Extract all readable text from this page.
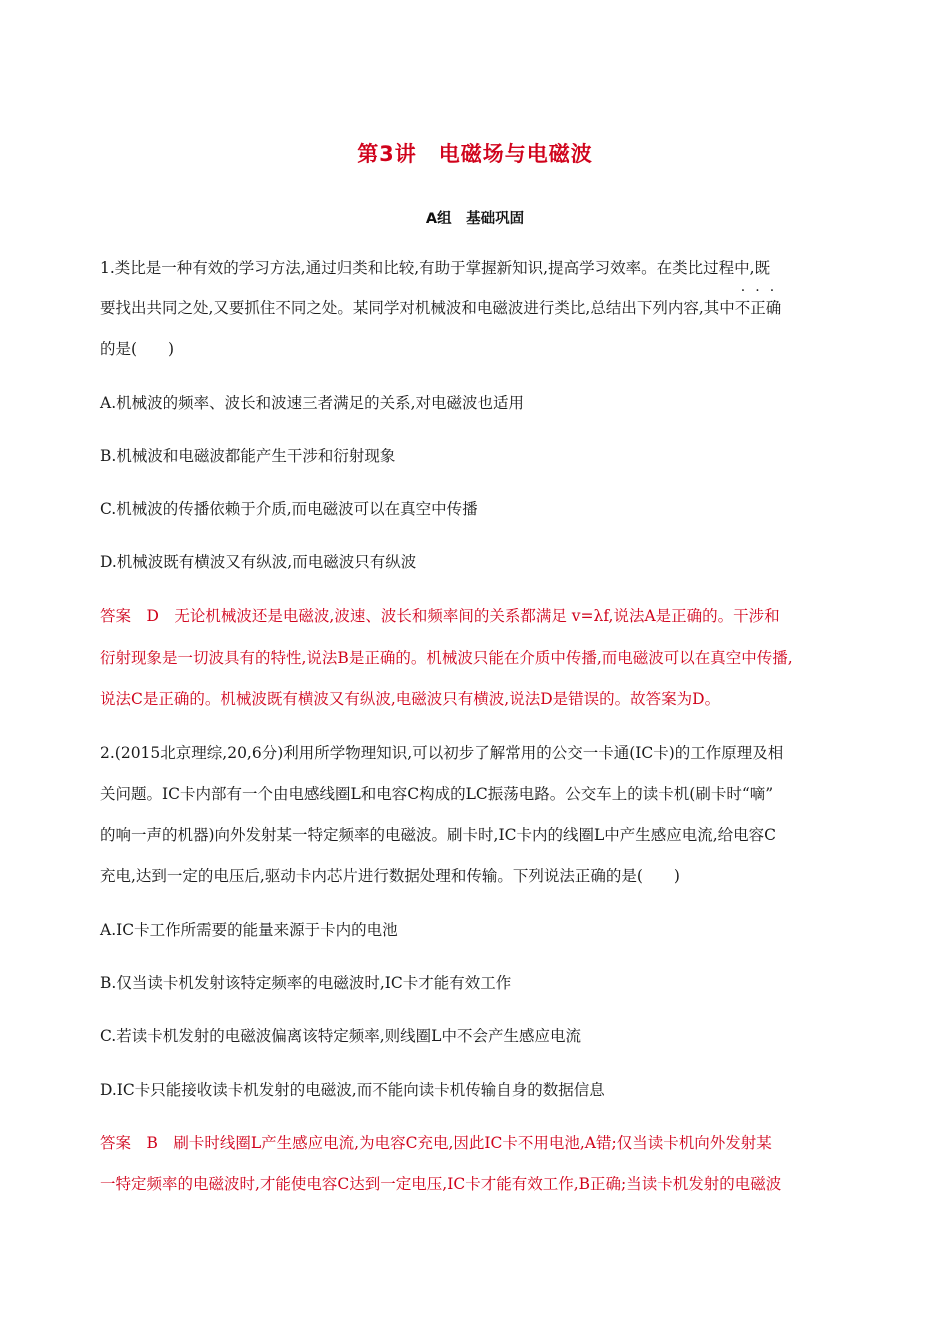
第3讲　电磁场与电磁波
A组　基础巩固
1.类比是一种有效的学习方法,通过归类和比较,有助于掌握新知识,提高学习效率。在类比过程中,既
要找出共同之处,又要抓住不同之处。某同学对机械波和电磁波进行类比,总结出下列内容,其中
···
不正确
的是(　　)
A.机械波的频率、波长和波速三者满足的关系,对电磁波也适用
B.机械波和电磁波都能产生干涉和衍射现象
C.机械波的传播依赖于介质,而电磁波可以在真空中传播
D.机械波既有横波又有纵波,而电磁波只有纵波
答案　D　无论机械波还是电磁波,波速、波长和频率间的关系都满足 v=λf,说法A是正确的。干涉和
衍射现象是一切波具有的特性,说法B是正确的。机械波只能在介质中传播,而电磁波可以在真空中传播,
说法C是正确的。机械波既有横波又有纵波,电磁波只有横波,说法D是错误的。故答案为D。
2.(2015北京理综,20,6分)利用所学物理知识,可以初步了解常用的公交一卡通(IC卡)的工作原理及相
关问题。IC卡内部有一个由电感线圈L和电容C构成的LC振荡电路。公交车上的读卡机(刷卡时“嘀”
的响一声的机器)向外发射某一特定频率的电磁波。刷卡时,IC卡内的线圈L中产生感应电流,给电容C
充电,达到一定的电压后,驱动卡内芯片进行数据处理和传输。下列说法正确的是(　　)
A.IC卡工作所需要的能量来源于卡内的电池
B.仅当读卡机发射该特定频率的电磁波时,IC卡才能有效工作
C.若读卡机发射的电磁波偏离该特定频率,则线圈L中不会产生感应电流
D.IC卡只能接收读卡机发射的电磁波,而不能向读卡机传输自身的数据信息
答案　B　刷卡时线圈L产生感应电流,为电容C充电,因此IC卡不用电池,A错;仅当读卡机向外发射某
一特定频率的电磁波时,才能使电容C达到一定电压,IC卡才能有效工作,B正确;当读卡机发射的电磁波
